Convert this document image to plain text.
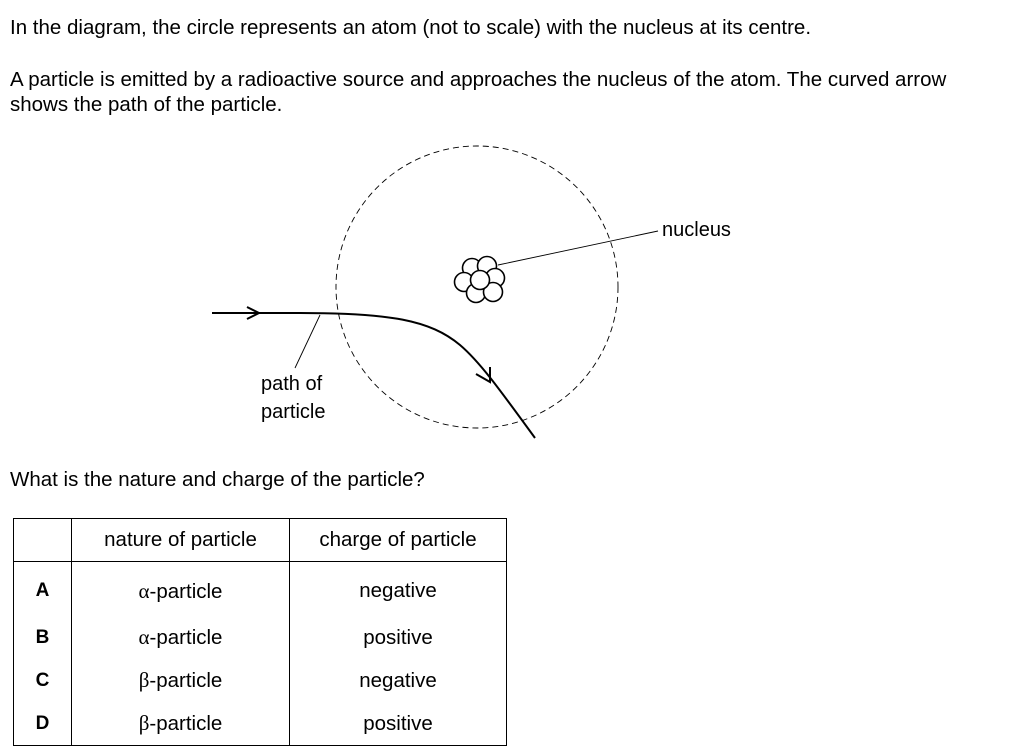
In the diagram, the circle represents an atom (not to scale) with the nucleus at its centre.

A particle is emitted by a radioactive source and approaches the nucleus of the atom. The curved arrow shows the path of the particle.

nucleus
path of
particle

What is the nature and charge of the particle?

	nature of particle	charge of particle
A	α-particle	negative
B	α-particle	positive
C	β-particle	negative
D	β-particle	positive
